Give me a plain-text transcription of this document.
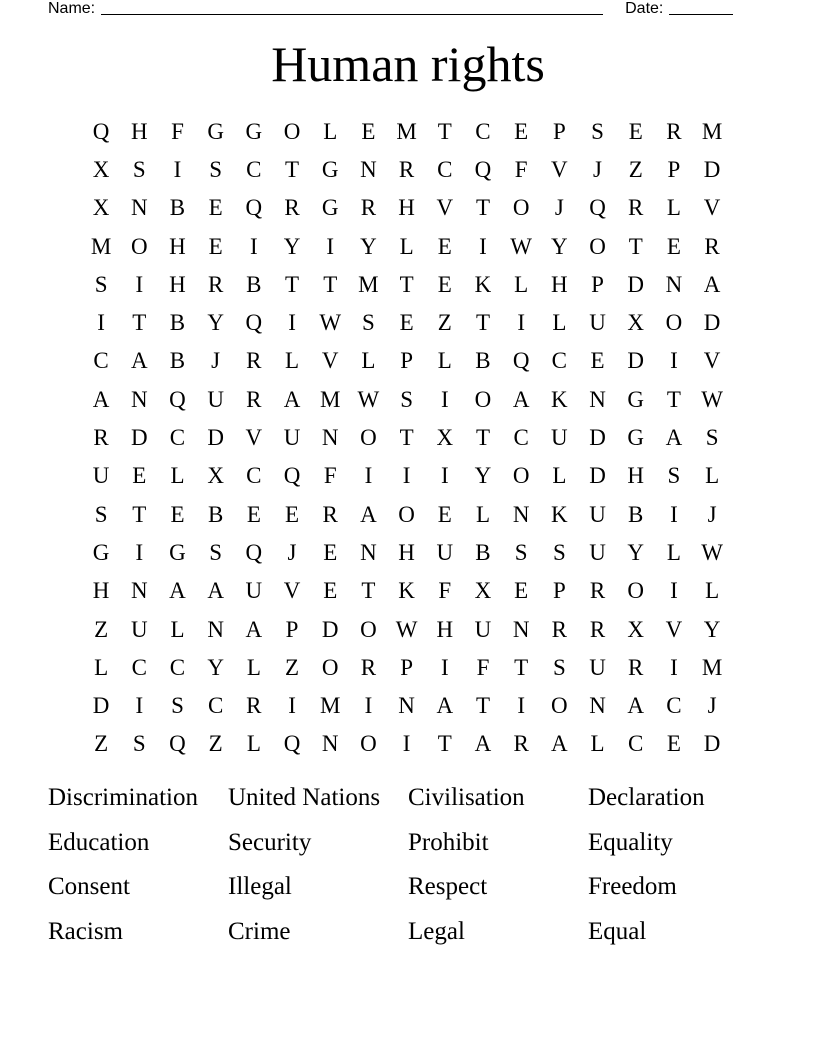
Name:	Date:
Human rights
Q H	F	G G O L	E M T	C	E	P	S	E	R M
X	S	I	S	C	T G N R C Q	F	V	J	Z	P	D
X N B	E Q R G R H V T O	J	Q R	L V
M O H E	I	Y	I	Y L	E	I	W Y O T	E	R
S	I	H R B	T	T M T	E K L H	P	D N A
I	T	B Y Q	I	W S	E	Z	T	I	L U X O D
C A B	J	R	L V L	P	L	B Q C	E D	I	V
A N Q U R A M W S	I	O A K N G T W
R D C D V U N O T X T	C U D G A	S
U E	L X C Q	F	I	I	I	Y O L D H	S	L
S	T	E	B	E	E	R A O E	L N K U B	I	J
G	I	G	S	Q	J	E N H U B	S	S	U Y L W
H N A A U V E	T K	F	X E	P	R O	I	L
Z U L N A	P	D O W H U N R R X V Y
L	C C Y L	Z O R	P	I	F	T	S	U R	I	M
D	I	S	C R	I	M	I	N A T	I	O N A C	J
Z	S	Q Z	L Q N O	I	T A R A L	C	E D
Discrimination	United Nations	Civilisation	Declaration
Education	Security	Prohibit	Equality
Consent	Illegal	Respect	Freedom
Racism	Crime	Legal	Equal
